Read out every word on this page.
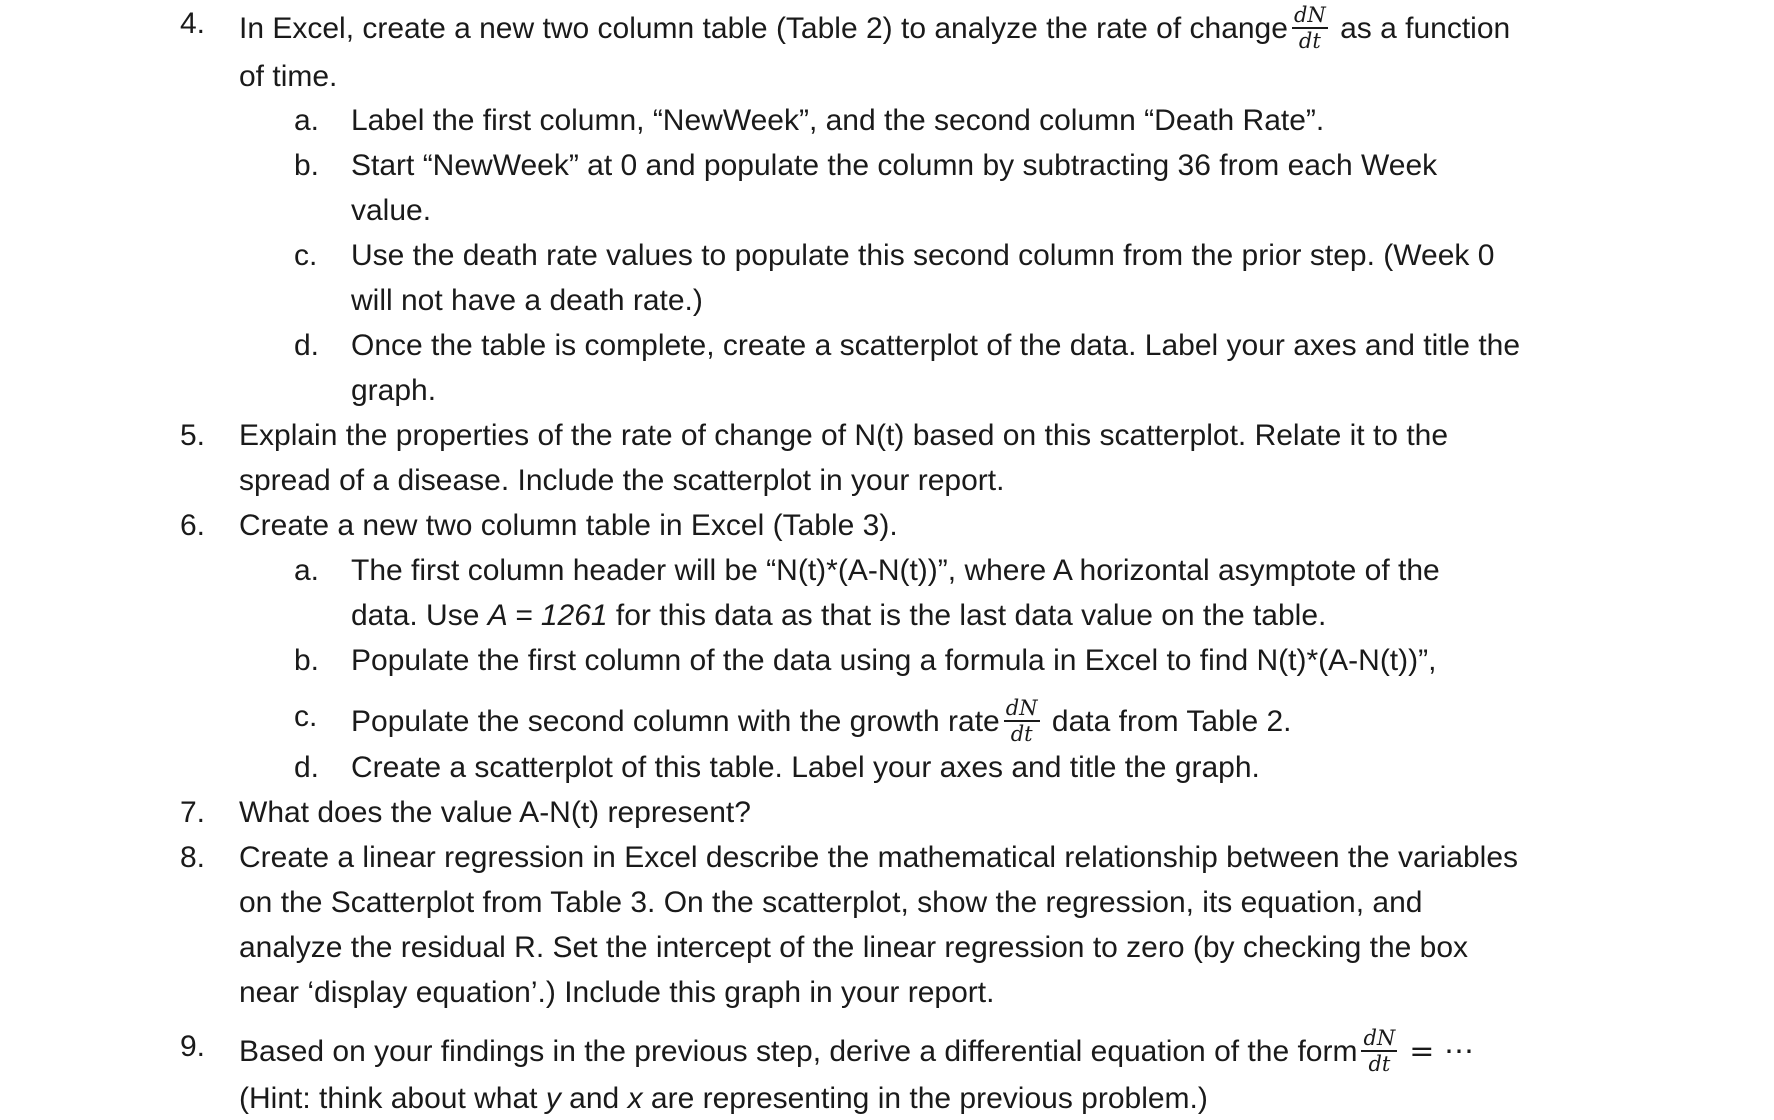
4. In Excel, create a new two column table (Table 2) to analyze the rate of change $\frac{dN}{dt}$ as a function
of time.
a. Label the first column, “NewWeek”, and the second column “Death Rate”.
b. Start “NewWeek” at 0 and populate the column by subtracting 36 from each Week
value.
c. Use the death rate values to populate this second column from the prior step. (Week 0
will not have a death rate.)
d. Once the table is complete, create a scatterplot of the data. Label your axes and title the
graph.
5. Explain the properties of the rate of change of N(t) based on this scatterplot. Relate it to the
spread of a disease. Include the scatterplot in your report.
6. Create a new two column table in Excel (Table 3).
a. The first column header will be “N(t)*(A-N(t))”, where A horizontal asymptote of the
data. Use A = 1261 for this data as that is the last data value on the table.
b. Populate the first column of the data using a formula in Excel to find N(t)*(A-N(t))”,
c. Populate the second column with the growth rate $\frac{dN}{dt}$ data from Table 2.
d. Create a scatterplot of this table. Label your axes and title the graph.
7. What does the value A-N(t) represent?
8. Create a linear regression in Excel describe the mathematical relationship between the variables
on the Scatterplot from Table 3. On the scatterplot, show the regression, its equation, and
analyze the residual R. Set the intercept of the linear regression to zero (by checking the box
near ‘display equation’.) Include this graph in your report.
9. Based on your findings in the previous step, derive a differential equation of the form $\frac{dN}{dt}$ = ⋯
(Hint: think about what y and x are representing in the previous problem.)
